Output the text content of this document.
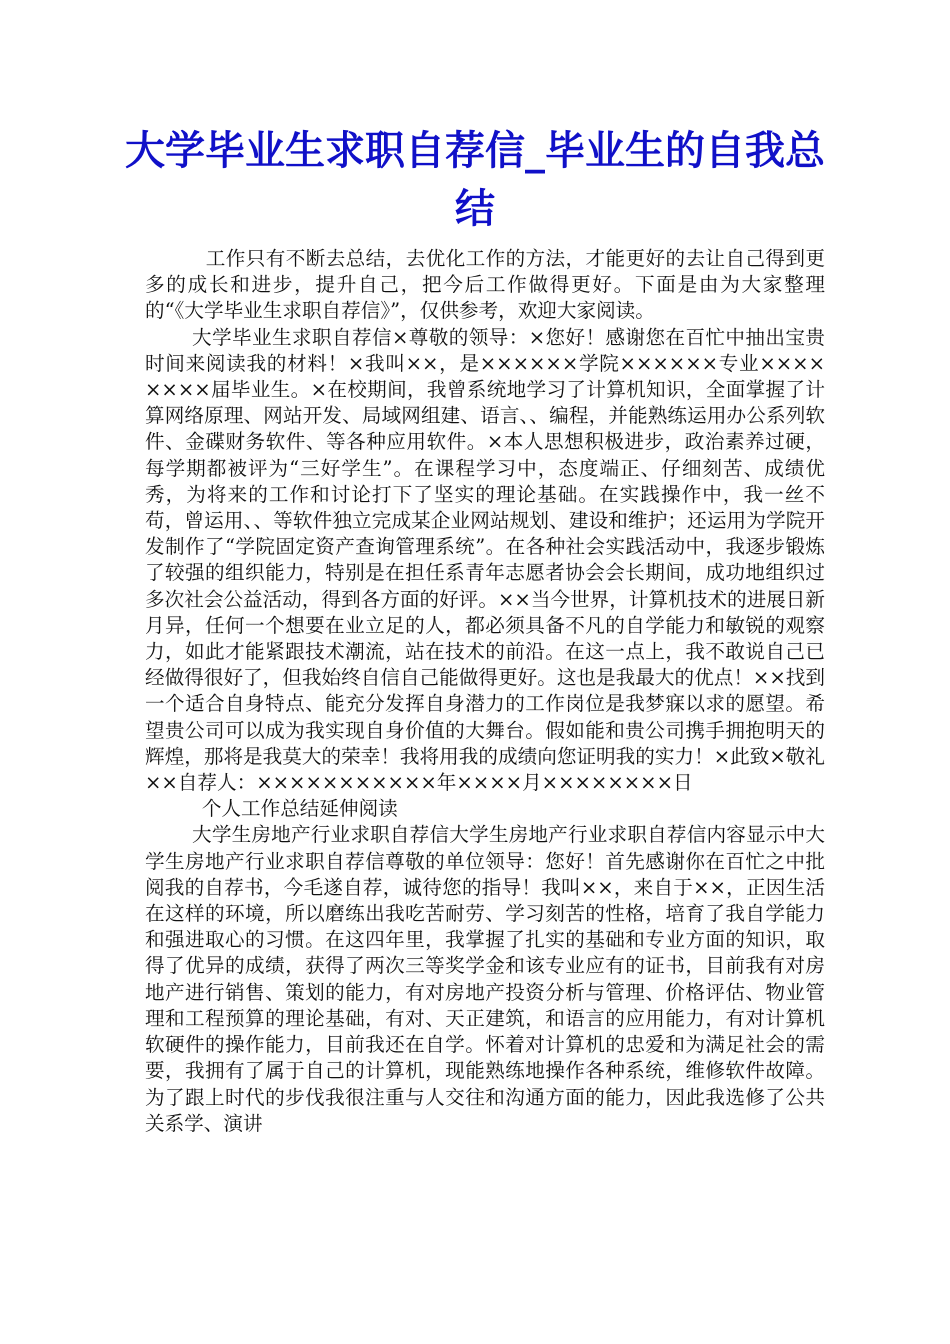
大学毕业生求职自荐信_毕业生的自我总结

工作只有不断去总结，去优化工作的方法，才能更好的去让自己得到更多的成长和进步，提升自己，把今后工作做得更好。下面是由为大家整理的“《大学毕业生求职自荐信》”，仅供参考，欢迎大家阅读。

大学毕业生求职自荐信×尊敬的领导：×您好！感谢您在百忙中抽出宝贵时间来阅读我的材料！×我叫××，是××××××学院××××××专业××××××××届毕业生。×在校期间，我曾系统地学习了计算机知识，全面掌握了计算网络原理、网站开发、局域网组建、语言、、编程，并能熟练运用办公系列软件、金碟财务软件、等各种应用软件。×本人思想积极进步，政治素养过硬，每学期都被评为“三好学生”。在课程学习中，态度端正、仔细刻苦、成绩优秀，为将来的工作和讨论打下了坚实的理论基础。在实践操作中，我一丝不苟，曾运用、、等软件独立完成某企业网站规划、建设和维护；还运用为学院开发制作了“学院固定资产查询管理系统”。在各种社会实践活动中，我逐步锻炼了较强的组织能力，特别是在担任系青年志愿者协会会长期间，成功地组织过多次社会公益活动，得到各方面的好评。××当今世界，计算机技术的进展日新月异，任何一个想要在业立足的人，都必须具备不凡的自学能力和敏锐的观察力，如此才能紧跟技术潮流，站在技术的前沿。在这一点上，我不敢说自己已经做得很好了，但我始终自信自己能做得更好。这也是我最大的优点！××找到一个适合自身特点、能充分发挥自身潜力的工作岗位是我梦寐以求的愿望。希望贵公司可以成为我实现自身价值的大舞台。假如能和贵公司携手拥抱明天的辉煌，那将是我莫大的荣幸！我将用我的成绩向您证明我的实力！×此致×敬礼××自荐人：×××××××××××年××××月××××××××日

个人工作总结延伸阅读

大学生房地产行业求职自荐信大学生房地产行业求职自荐信内容显示中大学生房地产行业求职自荐信尊敬的单位领导：您好！首先感谢你在百忙之中批阅我的自荐书，今毛遂自荐，诚待您的指导！我叫××，来自于××，正因生活在这样的环境，所以磨练出我吃苦耐劳、学习刻苦的性格，培育了我自学能力和强进取心的习惯。在这四年里，我掌握了扎实的基础和专业方面的知识，取得了优异的成绩，获得了两次三等奖学金和该专业应有的证书，目前我有对房地产进行销售、策划的能力，有对房地产投资分析与管理、价格评估、物业管理和工程预算的理论基础，有对、天正建筑，和语言的应用能力，有对计算机软硬件的操作能力，目前我还在自学。怀着对计算机的忠爱和为满足社会的需要，我拥有了属于自己的计算机，现能熟练地操作各种系统，维修软件故障。为了跟上时代的步伐我很注重与人交往和沟通方面的能力，因此我选修了公共关系学、演讲
